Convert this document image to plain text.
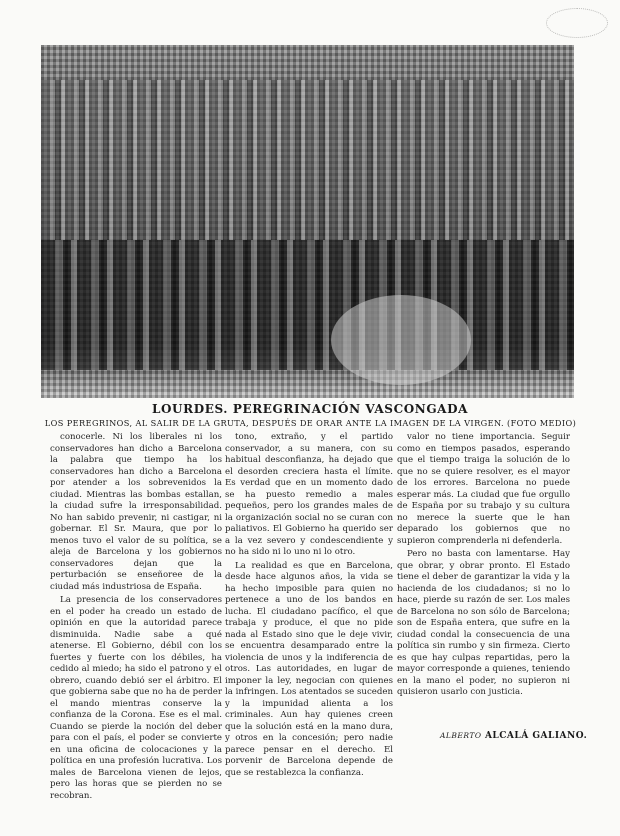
LOURDES. PEREGRINACIÓN VASCONGADA
LOS PEREGRINOS, AL SALIR DE LA GRUTA, DESPUÉS DE ORAR ANTE LA IMAGEN DE LA VIRGEN. (FOTO MEDIO)

conocerle. Ni los liberales ni los conservadores han dicho a Barcelona la palabra que tiempo ha los conservadores han dicho a Barcelona por atender a los sobrevenidos la ciudad. Mientras las bombas estallan, la ciudad sufre la irresponsabilidad. No han sabido prevenir, ni castigar, ni gobernar. El Sr. Maura, que por lo menos tuvo el valor de su política, se aleja de Barcelona y los gobiernos conservadores dejan que la perturbación se enseñoree de la ciudad más industriosa de España.

La presencia de los conservadores en el poder ha creado un estado de opinión en que la autoridad parece disminuida. Nadie sabe a qué atenerse. El Gobierno, débil con los fuertes y fuerte con los débiles, ha cedido al miedo; ha sido el patrono y el obrero, cuando debió ser el árbitro. El que gobierna sabe que no ha de perder el mando mientras conserve la confianza de la Corona. Ese es el mal. Cuando se pierde la noción del deber para con el país, el poder se convierte en una oficina de colocaciones y la política en una profesión lucrativa. Los males de Barcelona vienen de lejos, pero las horas que se pierden no se recobran.

tono, extraño, y el partido conservador, a su manera, con su habitual desconfianza, ha dejado que el desorden creciera hasta el límite. Es verdad que en un momento dado se ha puesto remedio a males pequeños, pero los grandes males de la organización social no se curan con paliativos. El Gobierno ha querido ser a la vez severo y condescendiente y no ha sido ni lo uno ni lo otro.

La realidad es que en Barcelona, desde hace algunos años, la vida se ha hecho imposible para quien no pertenece a uno de los bandos en lucha. El ciudadano pacífico, el que trabaja y produce, el que no pide nada al Estado sino que le deje vivir, se encuentra desamparado entre la violencia de unos y la indiferencia de otros. Las autoridades, en lugar de imponer la ley, negocian con quienes la infringen. Los atentados se suceden y la impunidad alienta a los criminales. Aun hay quienes creen que la solución está en la mano dura, y otros en la concesión; pero nadie parece pensar en el derecho. El porvenir de Barcelona depende de que se restablezca la confianza.

valor no tiene importancia. Seguir como en tiempos pasados, esperando que el tiempo traiga la solución de lo que no se quiere resolver, es el mayor de los errores. Barcelona no puede esperar más. La ciudad que fue orgullo de España por su trabajo y su cultura no merece la suerte que le han deparado los gobiernos que no supieron comprenderla ni defenderla.

Pero no basta con lamentarse. Hay que obrar, y obrar pronto. El Estado tiene el deber de garantizar la vida y la hacienda de los ciudadanos; si no lo hace, pierde su razón de ser. Los males de Barcelona no son sólo de Barcelona; son de España entera, que sufre en la ciudad condal la consecuencia de una política sin rumbo y sin firmeza. Cierto es que hay culpas repartidas, pero la mayor corresponde a quienes, teniendo en la mano el poder, no supieron ni quisieron usarlo con justicia.

ALBERTO ALCALÁ GALIANO.
